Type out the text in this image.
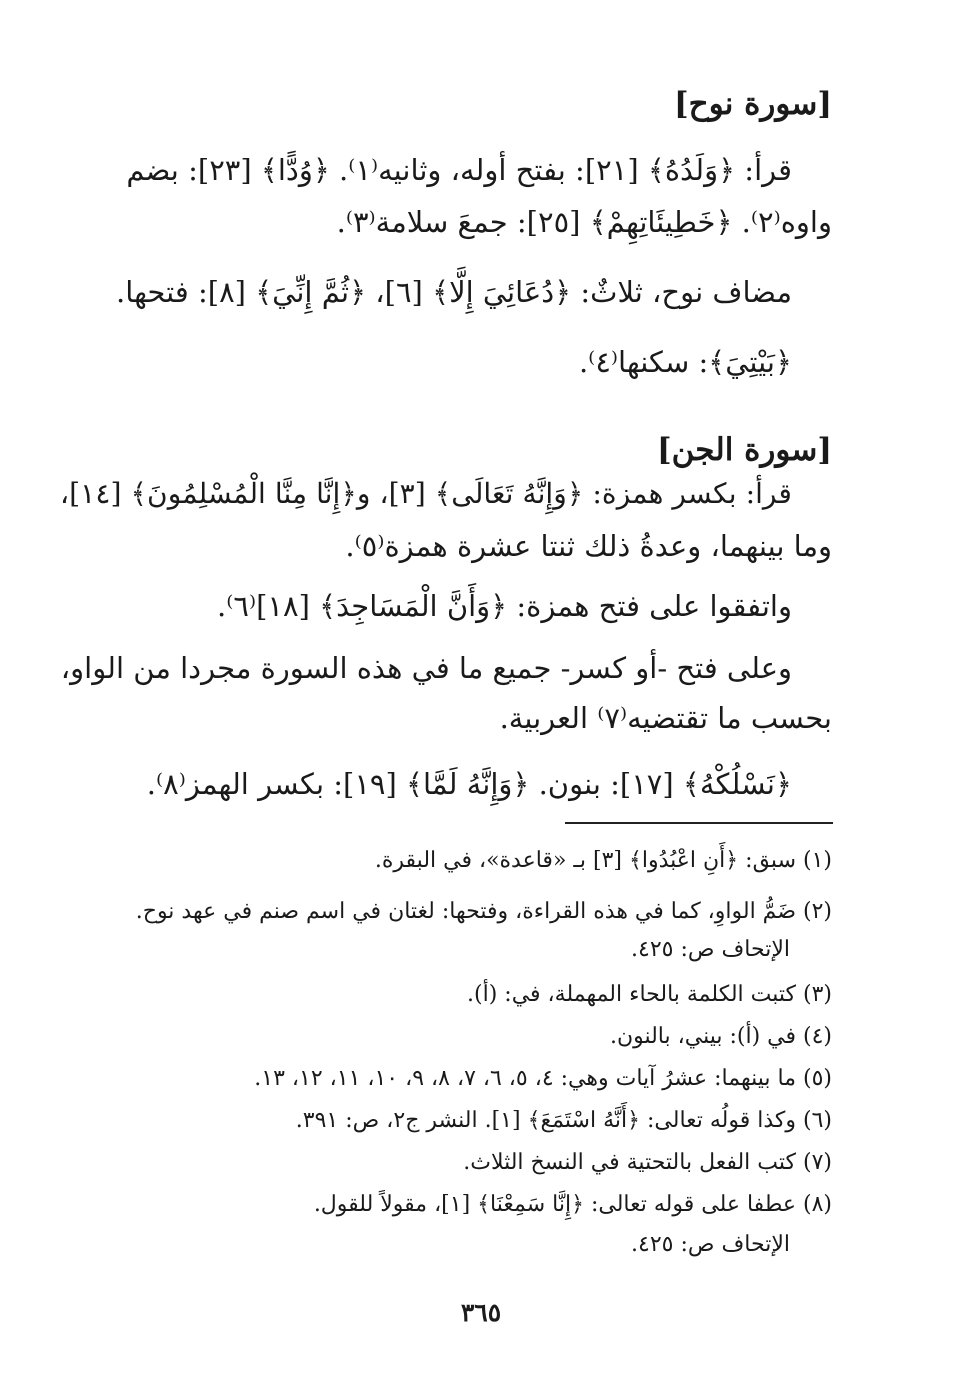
[سورة نوح]
قرأ: ﴿وَلَدُهُ﴾ [٢١]: بفتح أوله، وثانيه⁽١⁾. ﴿وُدًّا﴾ [٢٣]: بضم
واوه⁽٢⁾. ﴿خَطِيئَاتِهِمْ﴾ [٢٥]: جمعَ سلامة⁽٣⁾.
مضاف نوح، ثلاثٌ: ﴿دُعَائِيَ إِلَّا﴾ [٦]، ﴿ثُمَّ إِنِّيَ﴾ [٨]: فتحها.
﴿بَيْتِيَ﴾: سكنها⁽٤⁾.
[سورة الجن]
قرأ: بكسر همزة: ﴿وَإِنَّهُ تَعَالَى﴾ [٣]، و﴿إِنَّا مِنَّا الْمُسْلِمُونَ﴾ [١٤]،
وما بينهما، وعدةُ ذلك ثنتا عشرة همزة⁽٥⁾.
واتفقوا على فتح همزة: ﴿وَأَنَّ الْمَسَاجِدَ﴾ [١٨]⁽٦⁾.
وعلى فتح -أو كسر- جميع ما في هذه السورة مجردا من الواو،
بحسب ما تقتضيه⁽٧⁾ العربية.
﴿نَسْلُكْهُ﴾ [١٧]: بنون. ﴿وَإِنَّهُ لَمَّا﴾ [١٩]: بكسر الهمز⁽٨⁾.
(١) سبق: ﴿أَنِ اعْبُدُوا﴾ [٣] بـ «قاعدة»، في البقرة.
(٢) ضَمُّ الواوِ، كما في هذه القراءة، وفتحها: لغتان في اسم صنم في عهد نوح.
الإتحاف ص: ٤٢٥.
(٣) كتبت الكلمة بالحاء المهملة، في: (أ).
(٤) في (أ): بيني، بالنون.
(٥) ما بينهما: عشرُ آيات وهي: ٤، ٥، ٦، ٧، ٨، ٩، ١٠، ١١، ١٢، ١٣.
(٦) وكذا قولُه تعالى: ﴿أَنَّهُ اسْتَمَعَ﴾ [١]. النشر ج٢، ص: ٣٩١.
(٧) كتب الفعل بالتحتية في النسخ الثلاث.
(٨) عطفا على قوله تعالى: ﴿إِنَّا سَمِعْنَا﴾ [١]، مقولاً للقول.
الإتحاف ص: ٤٢٥.
٣٦٥
